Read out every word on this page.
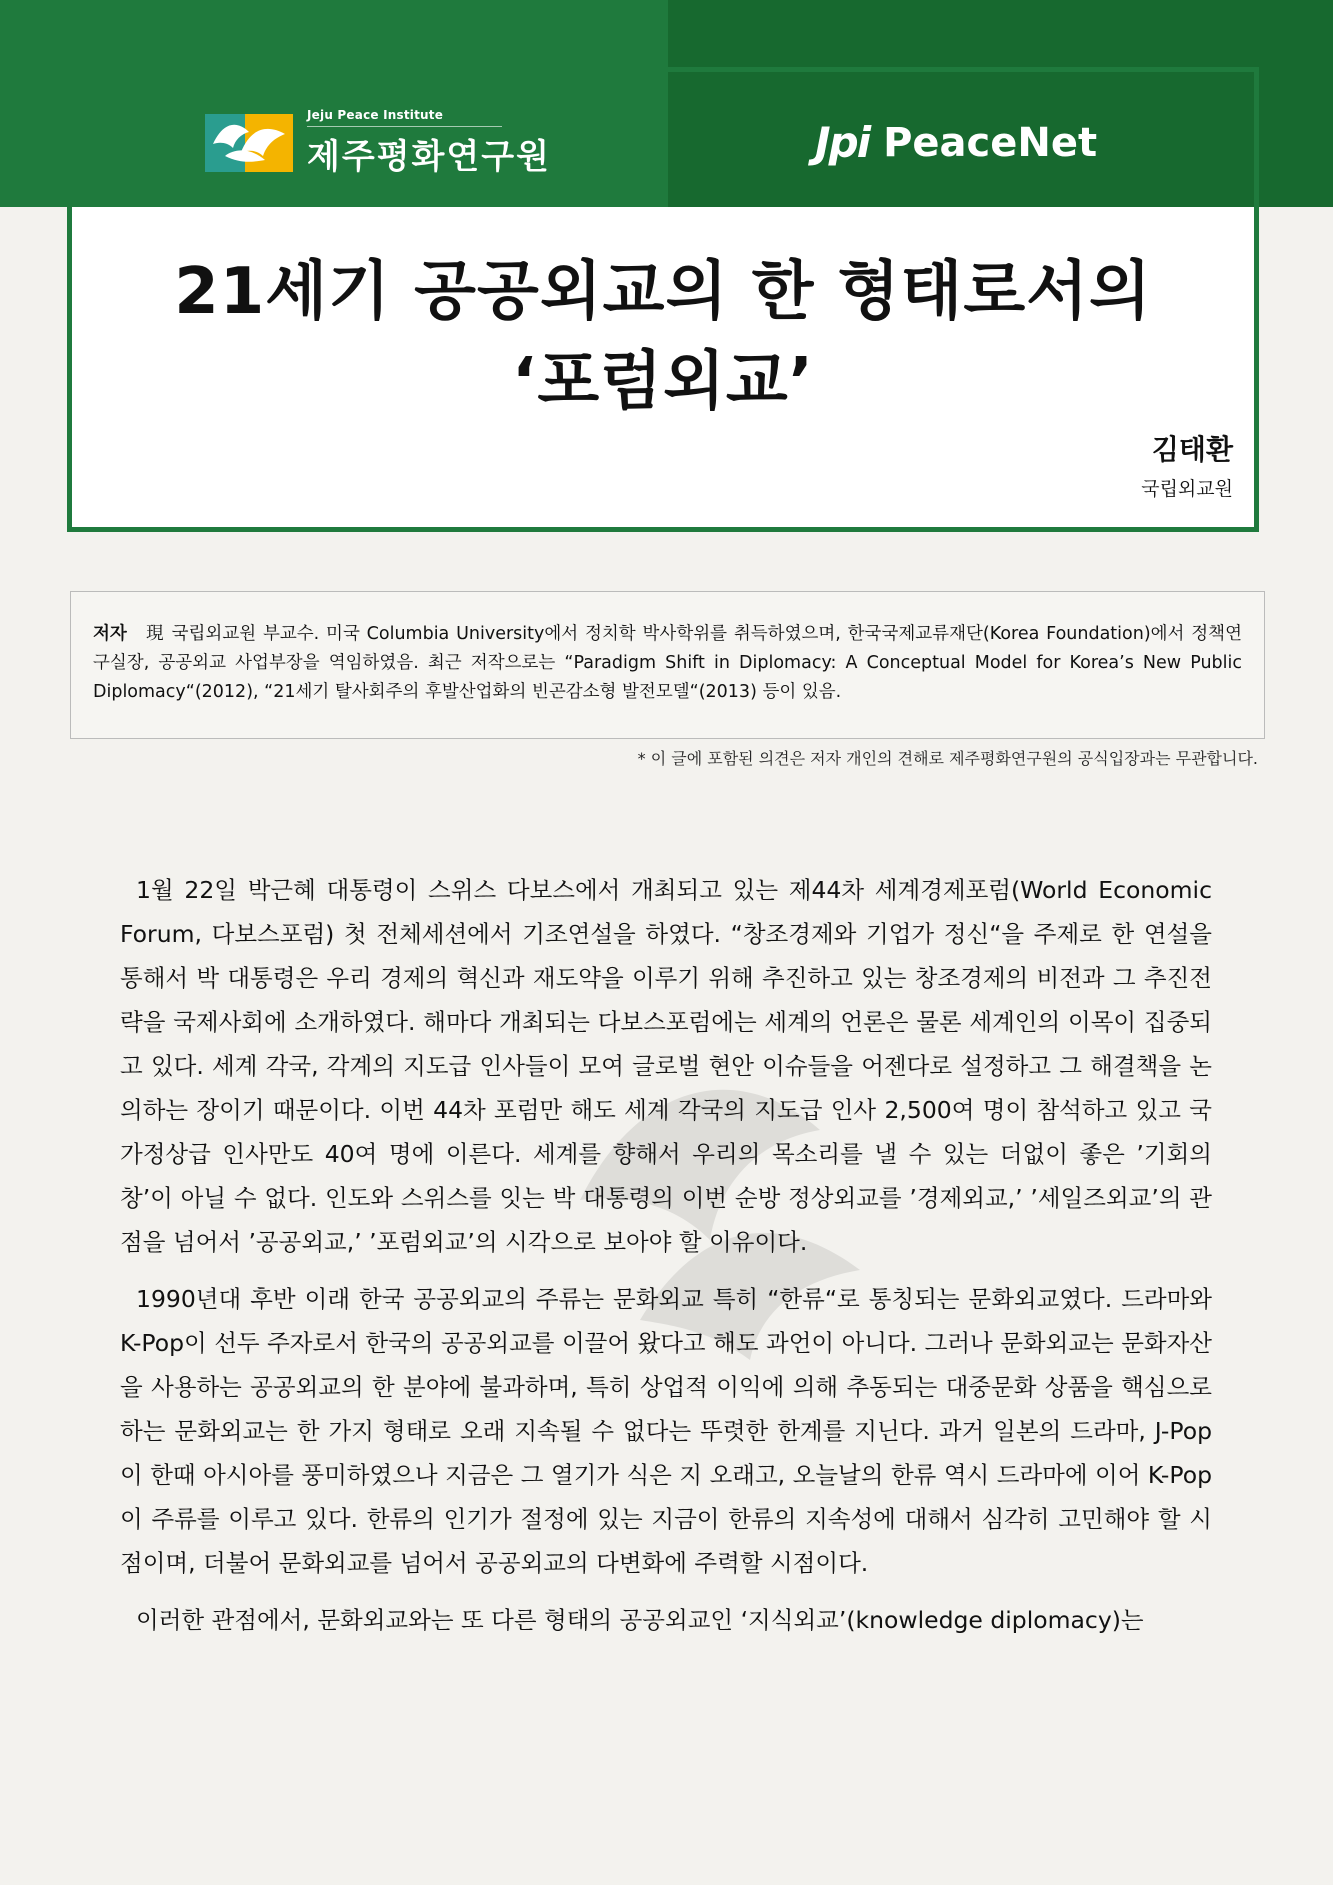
Jeju Peace Institute
제주평화연구원	Jpi PeaceNet
21세기 공공외교의 한 형태로서의
‘포럼외교’
김태환
국립외교원

저자 現 국립외교원 부교수. 미국 Columbia University에서 정치학 박사학위를 취득하였으며, 한국국제교류재단(Korea Foundation)에서 정책연구실장, 공공외교 사업부장을 역임하였음. 최근 저작으로는 “Paradigm Shift in Diplomacy: A Conceptual Model for Korea’s New Public Diplomacy“(2012), “21세기 탈사회주의 후발산업화의 빈곤감소형 발전모델“(2013) 등이 있음.

* 이 글에 포함된 의견은 저자 개인의 견해로 제주평화연구원의 공식입장과는 무관합니다.

1월 22일 박근혜 대통령이 스위스 다보스에서 개최되고 있는 제44차 세계경제포럼(World Economic Forum, 다보스포럼) 첫 전체세션에서 기조연설을 하였다. “창조경제와 기업가 정신“을 주제로 한 연설을 통해서 박 대통령은 우리 경제의 혁신과 재도약을 이루기 위해 추진하고 있는 창조경제의 비전과 그 추진전략을 국제사회에 소개하였다. 해마다 개최되는 다보스포럼에는 세계의 언론은 물론 세계인의 이목이 집중되고 있다. 세계 각국, 각계의 지도급 인사들이 모여 글로벌 현안 이슈들을 어젠다로 설정하고 그 해결책을 논의하는 장이기 때문이다. 이번 44차 포럼만 해도 세계 각국의 지도급 인사 2,500여 명이 참석하고 있고 국가정상급 인사만도 40여 명에 이른다. 세계를 향해서 우리의 목소리를 낼 수 있는 더없이 좋은 ’기회의 창’이 아닐 수 없다. 인도와 스위스를 잇는 박 대통령의 이번 순방 정상외교를 ’경제외교,’ ’세일즈외교’의 관점을 넘어서 ’공공외교,’ ’포럼외교’의 시각으로 보아야 할 이유이다.

1990년대 후반 이래 한국 공공외교의 주류는 문화외교 특히 “한류“로 통칭되는 문화외교였다. 드라마와 K-Pop이 선두 주자로서 한국의 공공외교를 이끌어 왔다고 해도 과언이 아니다. 그러나 문화외교는 문화자산을 사용하는 공공외교의 한 분야에 불과하며, 특히 상업적 이익에 의해 추동되는 대중문화 상품을 핵심으로 하는 문화외교는 한 가지 형태로 오래 지속될 수 없다는 뚜렷한 한계를 지닌다. 과거 일본의 드라마, J-Pop이 한때 아시아를 풍미하였으나 지금은 그 열기가 식은 지 오래고, 오늘날의 한류 역시 드라마에 이어 K-Pop이 주류를 이루고 있다. 한류의 인기가 절정에 있는 지금이 한류의 지속성에 대해서 심각히 고민해야 할 시점이며, 더불어 문화외교를 넘어서 공공외교의 다변화에 주력할 시점이다.

이러한 관점에서, 문화외교와는 또 다른 형태의 공공외교인 ‘지식외교’(knowledge diplomacy)는
